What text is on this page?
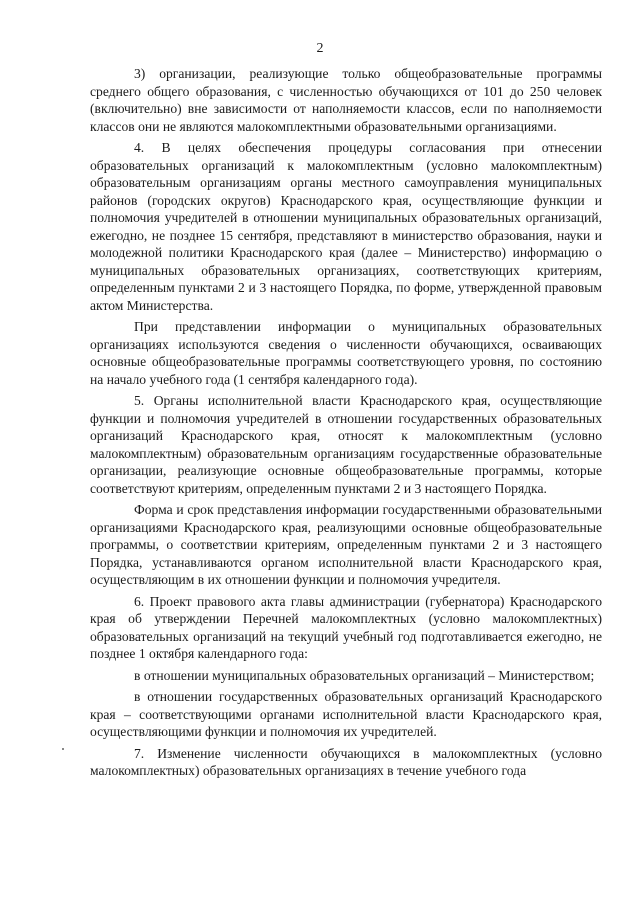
2

3) организации, реализующие только общеобразовательные программы среднего общего образования, с численностью обучающихся от 101 до 250 человек (включительно) вне зависимости от наполняемости классов, если по наполняемости классов они не являются малокомплектными образовательными организациями.

4. В целях обеспечения процедуры согласования при отнесении образовательных организаций к малокомплектным (условно малокомплектным) образовательным организациям органы местного самоуправления муниципальных районов (городских округов) Краснодарского края, осуществляющие функции и полномочия учредителей в отношении муниципальных образовательных организаций, ежегодно, не позднее 15 сентября, представляют в министерство образования, науки и молодежной политики Краснодарского края (далее – Министерство) информацию о муниципальных образовательных организациях, соответствующих критериям, определенным пунктами 2 и 3 настоящего Порядка, по форме, утвержденной правовым актом Министерства.

При представлении информации о муниципальных образовательных организациях используются сведения о численности обучающихся, осваивающих основные общеобразовательные программы соответствующего уровня, по состоянию на начало учебного года (1 сентября календарного года).

5. Органы исполнительной власти Краснодарского края, осуществляющие функции и полномочия учредителей в отношении государственных образовательных организаций Краснодарского края, относят к малокомплектным (условно малокомплектным) образовательным организациям государственные образовательные организации, реализующие основные общеобразовательные программы, которые соответствуют критериям, определенным пунктами 2 и 3 настоящего Порядка.

Форма и срок представления информации государственными образовательными организациями Краснодарского края, реализующими основные общеобразовательные программы, о соответствии критериям, определенным пунктами 2 и 3 настоящего Порядка, устанавливаются органом исполнительной власти Краснодарского края, осуществляющим в их отношении функции и полномочия учредителя.

6. Проект правового акта главы администрации (губернатора) Краснодарского края об утверждении Перечней малокомплектных (условно малокомплектных) образовательных организаций на текущий учебный год подготавливается ежегодно, не позднее 1 октября календарного года:

в отношении муниципальных образовательных организаций – Министерством;

в отношении государственных образовательных организаций Краснодарского края – соответствующими органами исполнительной власти Краснодарского края, осуществляющими функции и полномочия их учредителей.

7. Изменение численности обучающихся в малокомплектных (условно малокомплектных) образовательных организациях в течение учебного года
